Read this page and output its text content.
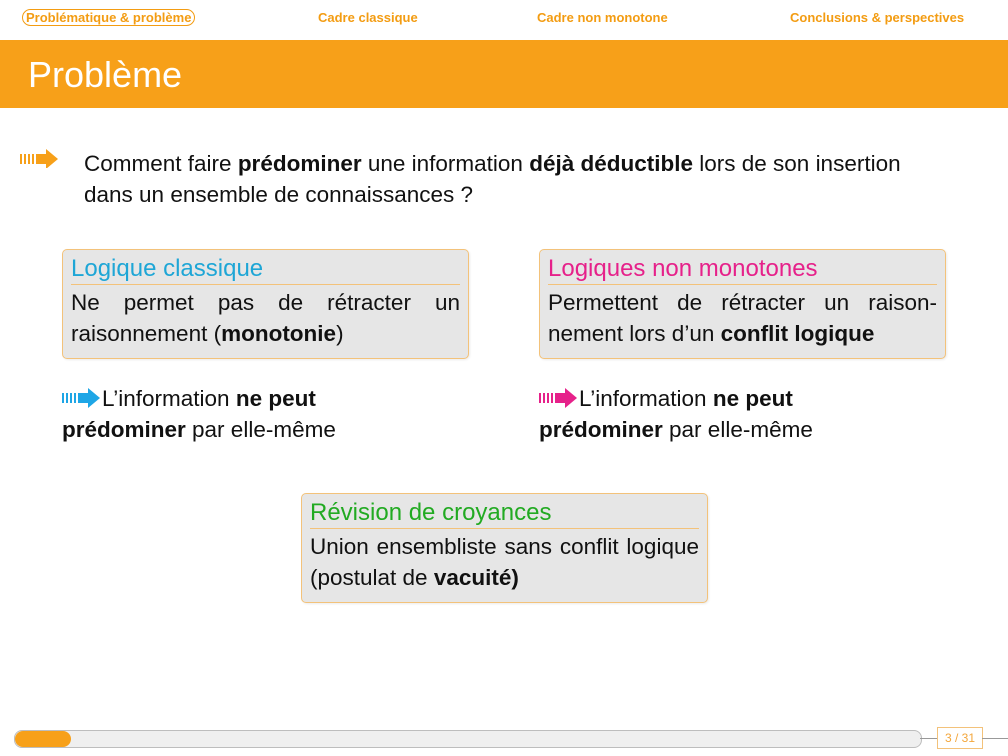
Problématique & problème	Cadre classique	Cadre non monotone	Conclusions & perspectives
Problème
Comment faire prédominer une information déjà déductible lors de son insertion dans un ensemble de connaissances ?
Logique classique
Ne permet pas de rétracter un raisonnement (monotonie)
Logiques non monotones
Permettent de rétracter un raison-nement lors d’un conflit logique
L’information ne peut prédominer par elle-même
L’information ne peut prédominer par elle-même
Révision de croyances
Union ensembliste sans conflit logique (postulat de vacuité)
3 / 31
